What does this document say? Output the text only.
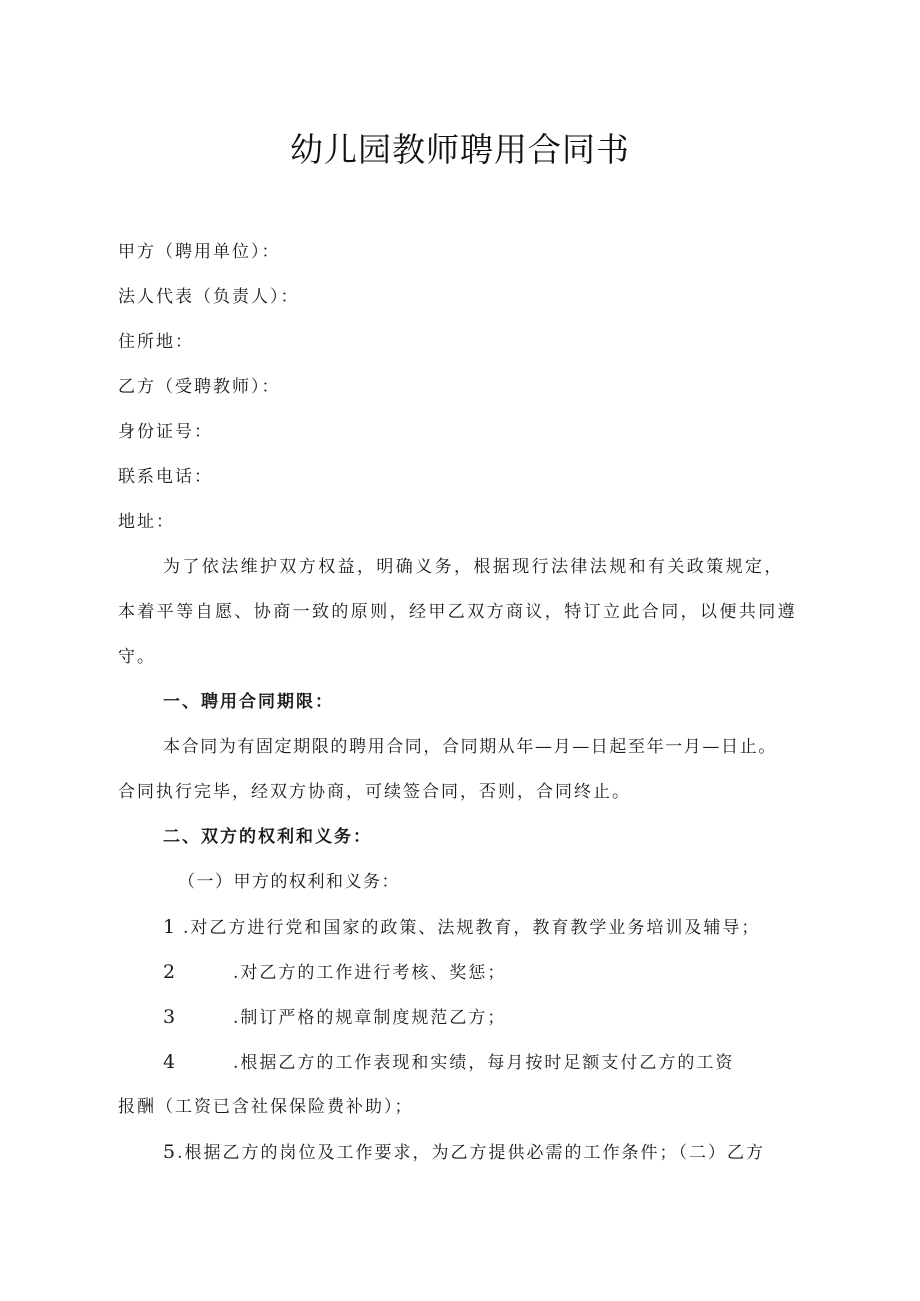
幼儿园教师聘用合同书
甲方（聘用单位）：
法人代表（负责人）：
住所地：
乙方（受聘教师）：
身份证号：
联系电话：
地址：
为了依法维护双方权益，明确义务，根据现行法律法规和有关政策规定，
本着平等自愿、协商一致的原则，经甲乙双方商议，特订立此合同，以便共同遵
守。
一、聘用合同期限：
本合同为有固定期限的聘用合同，合同期从年—月—日起至年一月—日止。
合同执行完毕，经双方协商，可续签合同，否则，合同终止。
二、双方的权利和义务：
（一）甲方的权利和义务：
1 .对乙方进行党和国家的政策、法规教育，教育教学业务培训及辅导；
2	.对乙方的工作进行考核、奖惩；
3	.制订严格的规章制度规范乙方；
4	.根据乙方的工作表现和实绩，每月按时足额支付乙方的工资
报酬（工资已含社保保险费补助）；
5.根据乙方的岗位及工作要求，为乙方提供必需的工作条件；（二）乙方
